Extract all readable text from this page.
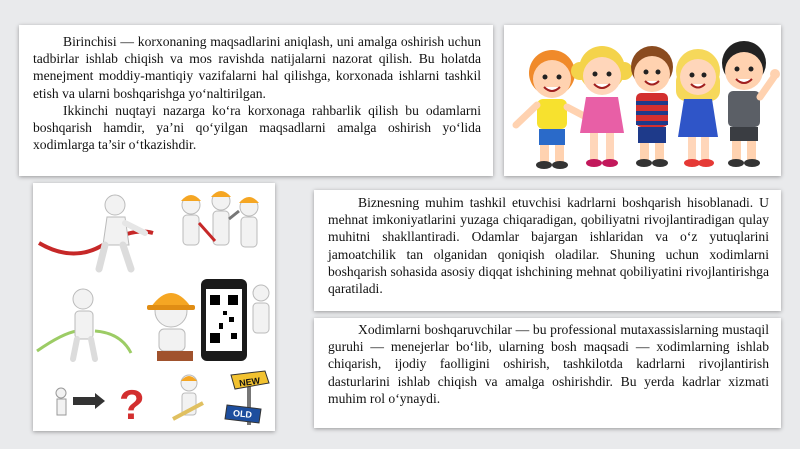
Birinchisi — korxonaning maqsadlarini aniqlash, uni amalga oshirish uchun tadbirlar ishlab chiqish va mos ravishda natijalarni nazorat qilish. Bu holatda menejment moddiy-mantiqiy vazifalarni hal qilishga, korxonada ishlarni tashkil etish va ularni boshqarishga yo‘naltirilgan.

Ikkinchi nuqtayi nazarga ko‘ra korxonaga rahbarlik qilish bu odamlarni boshqarish hamdir, ya’ni qo‘yilgan maqsadlarni amalga oshirish yo‘lida xodimlarga ta’sir o‘tkazishdir.

?	NEW
OLD

Biznesning muhim tashkil etuvchisi kadrlarni boshqarish hisoblanadi. U mehnat imkoniyatlarini yuzaga chiqaradigan, qobiliyatni rivojlantiradigan qulay muhitni shakllantiradi. Odamlar bajargan ishlaridan va o‘z yutuqlarini jamoatchilik tan olganidan qoniqish oladilar. Shuning uchun xodimlarni boshqarish sohasida asosiy diqqat ishchining mehnat qobiliyatini rivojlantirishga qaratiladi.

Xodimlarni boshqaruvchilar — bu professional mutaxassislarning mustaqil guruhi — menejerlar bo‘lib, ularning bosh maqsadi — xodimlarning ishlab chiqarish, ijodiy faolligini oshirish, tashkilotda kadrlarni rivojlantirish dasturlarini ishlab chiqish va amalga oshirishdir. Bu yerda kadrlar xizmati muhim rol o‘ynaydi.
